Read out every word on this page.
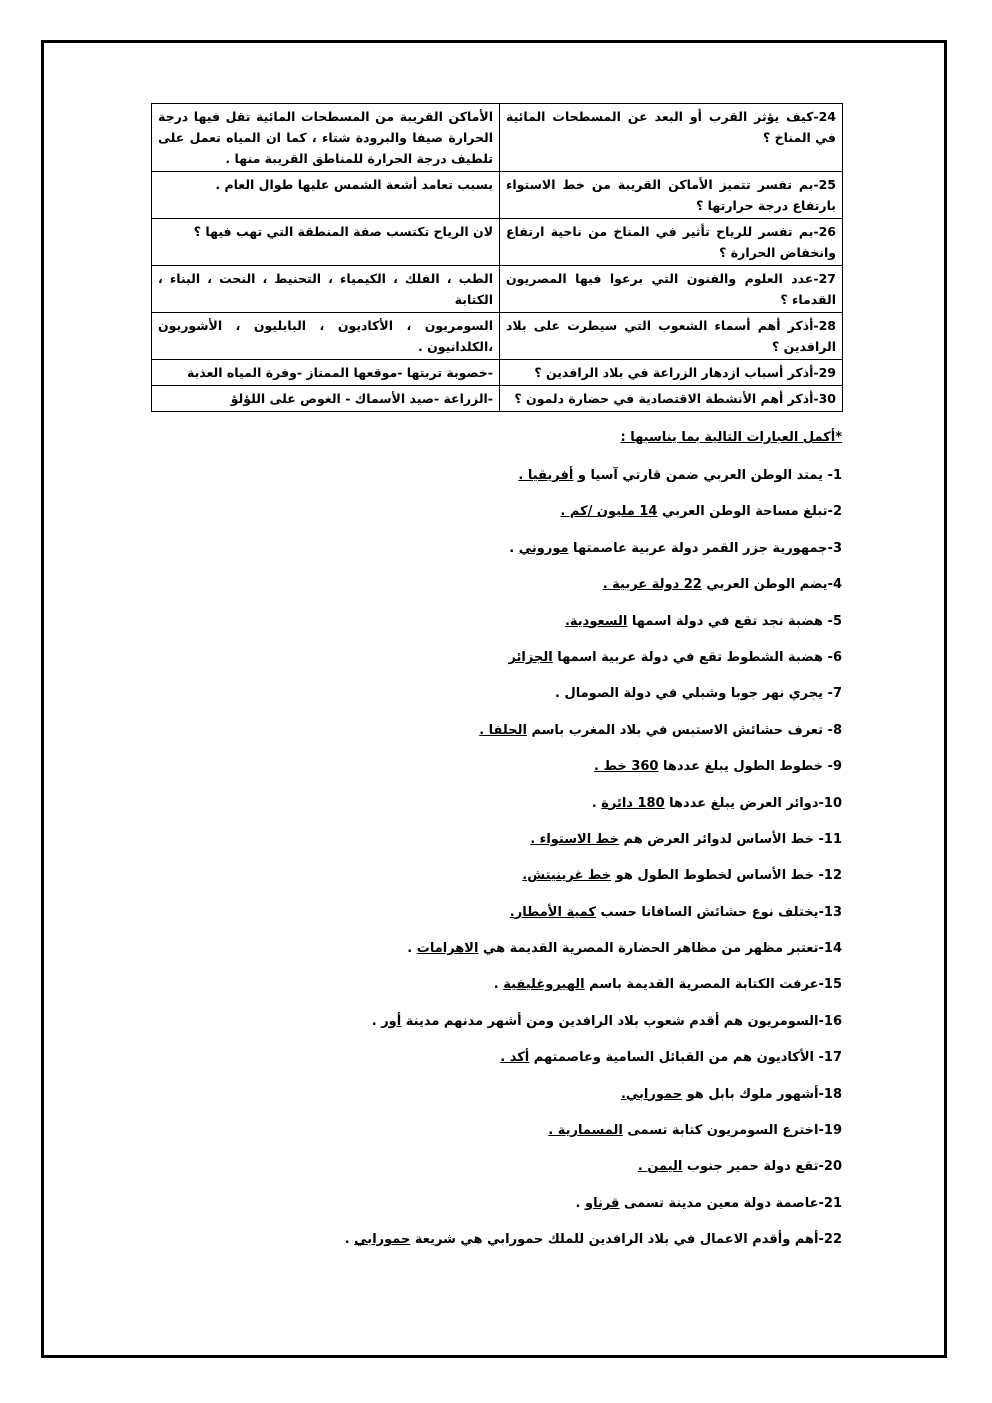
24-كيف يؤثر القرب أو البعد عن المسطحات المائية في المناخ ؟	الأماكن القريبة من المسطحات المائية تقل فيها درجة الحرارة صيفا والبرودة شتاء ، كما ان المياه تعمل على تلطيف درجة الحرارة للمناطق القريبة منها .
25-بم تفسر تتميز الأماكن القريبة من خط الاستواء بارتفاع درجة حرارتها ؟	بسبب تعامد أشعة الشمس عليها طوال العام .
26-بم تفسر للرياح تأثير في المناخ من ناحية ارتفاع وانخفاض الحرارة ؟	لان الرياح تكتسب صفة المنطقة التي تهب فيها ؟
27-عدد العلوم والفنون التي برعوا فيها المصريون القدماء ؟	الطب ، الفلك ، الكيمياء ، التحنيط ، النحت ، البناء ، الكتابة
28-أذكر أهم أسماء الشعوب التي سيطرت على بلاد الرافدين ؟	السومريون ، الأكاديون ، البابليون ، الأشوريون ،الكلدانيون .
29-أذكر أسباب ازدهار الزراعة في بلاد الرافدين ؟	-خصوبة تربتها -موقعها الممتاز -وفرة المياه العذبة
30-أذكر أهم الأنشطة الاقتصادية في حضارة دلمون ؟	-الزراعة -صيد الأسماك - الغوص على اللؤلؤ
*أكمل العبارات التالية بما يناسبها :
1- يمتد الوطن العربي ضمن قارتي آسيا و أفريقيا .
2-تبلغ مساحة الوطن العربي 14 مليون /كم .
3-جمهورية جزر القمر دولة عربية عاصمتها موروني .
4-يضم الوطن العربي 22 دولة عربية .
5- هضبة نجد تقع في دولة اسمها السعودية.
6- هضبة الشطوط تقع في دولة عربية اسمها الجزائر
7- يجري نهر جوبا وشبلي في دولة الصومال .
8- تعرف حشائش الاستبس في بلاد المغرب باسم الحلفا .
9- خطوط الطول يبلغ عددها 360 خط .
10-دوائر العرض يبلغ عددها 180 دائرة .
11- خط الأساس لدوائر العرض هم خط الاستواء .
12- خط الأساس لخطوط الطول هو خط غرينيتش.
13-يختلف نوع حشائش السافانا حسب كمية الأمطار.
14-تعتبر مظهر من مظاهر الحضارة المصرية القديمة هي الاهرامات .
15-عرفت الكتابة المصرية القديمة باسم الهيروغليفية .
16-السومريون هم أقدم شعوب بلاد الرافدين ومن أشهر مدنهم مدينة أور .
17- الأكاديون هم من القبائل السامية وعاصمتهم أكد .
18-أشهور ملوك بابل هو حمورابي.
19-اخترع السومريون كتابة تسمى المسمارية .
20-تقع دولة حمير جنوب اليمن .
21-عاصمة دولة معين مدينة تسمى قرناو .
22-أهم وأقدم الاعمال في بلاد الرافدين للملك حمورابي هي شريعة حمورابي .
